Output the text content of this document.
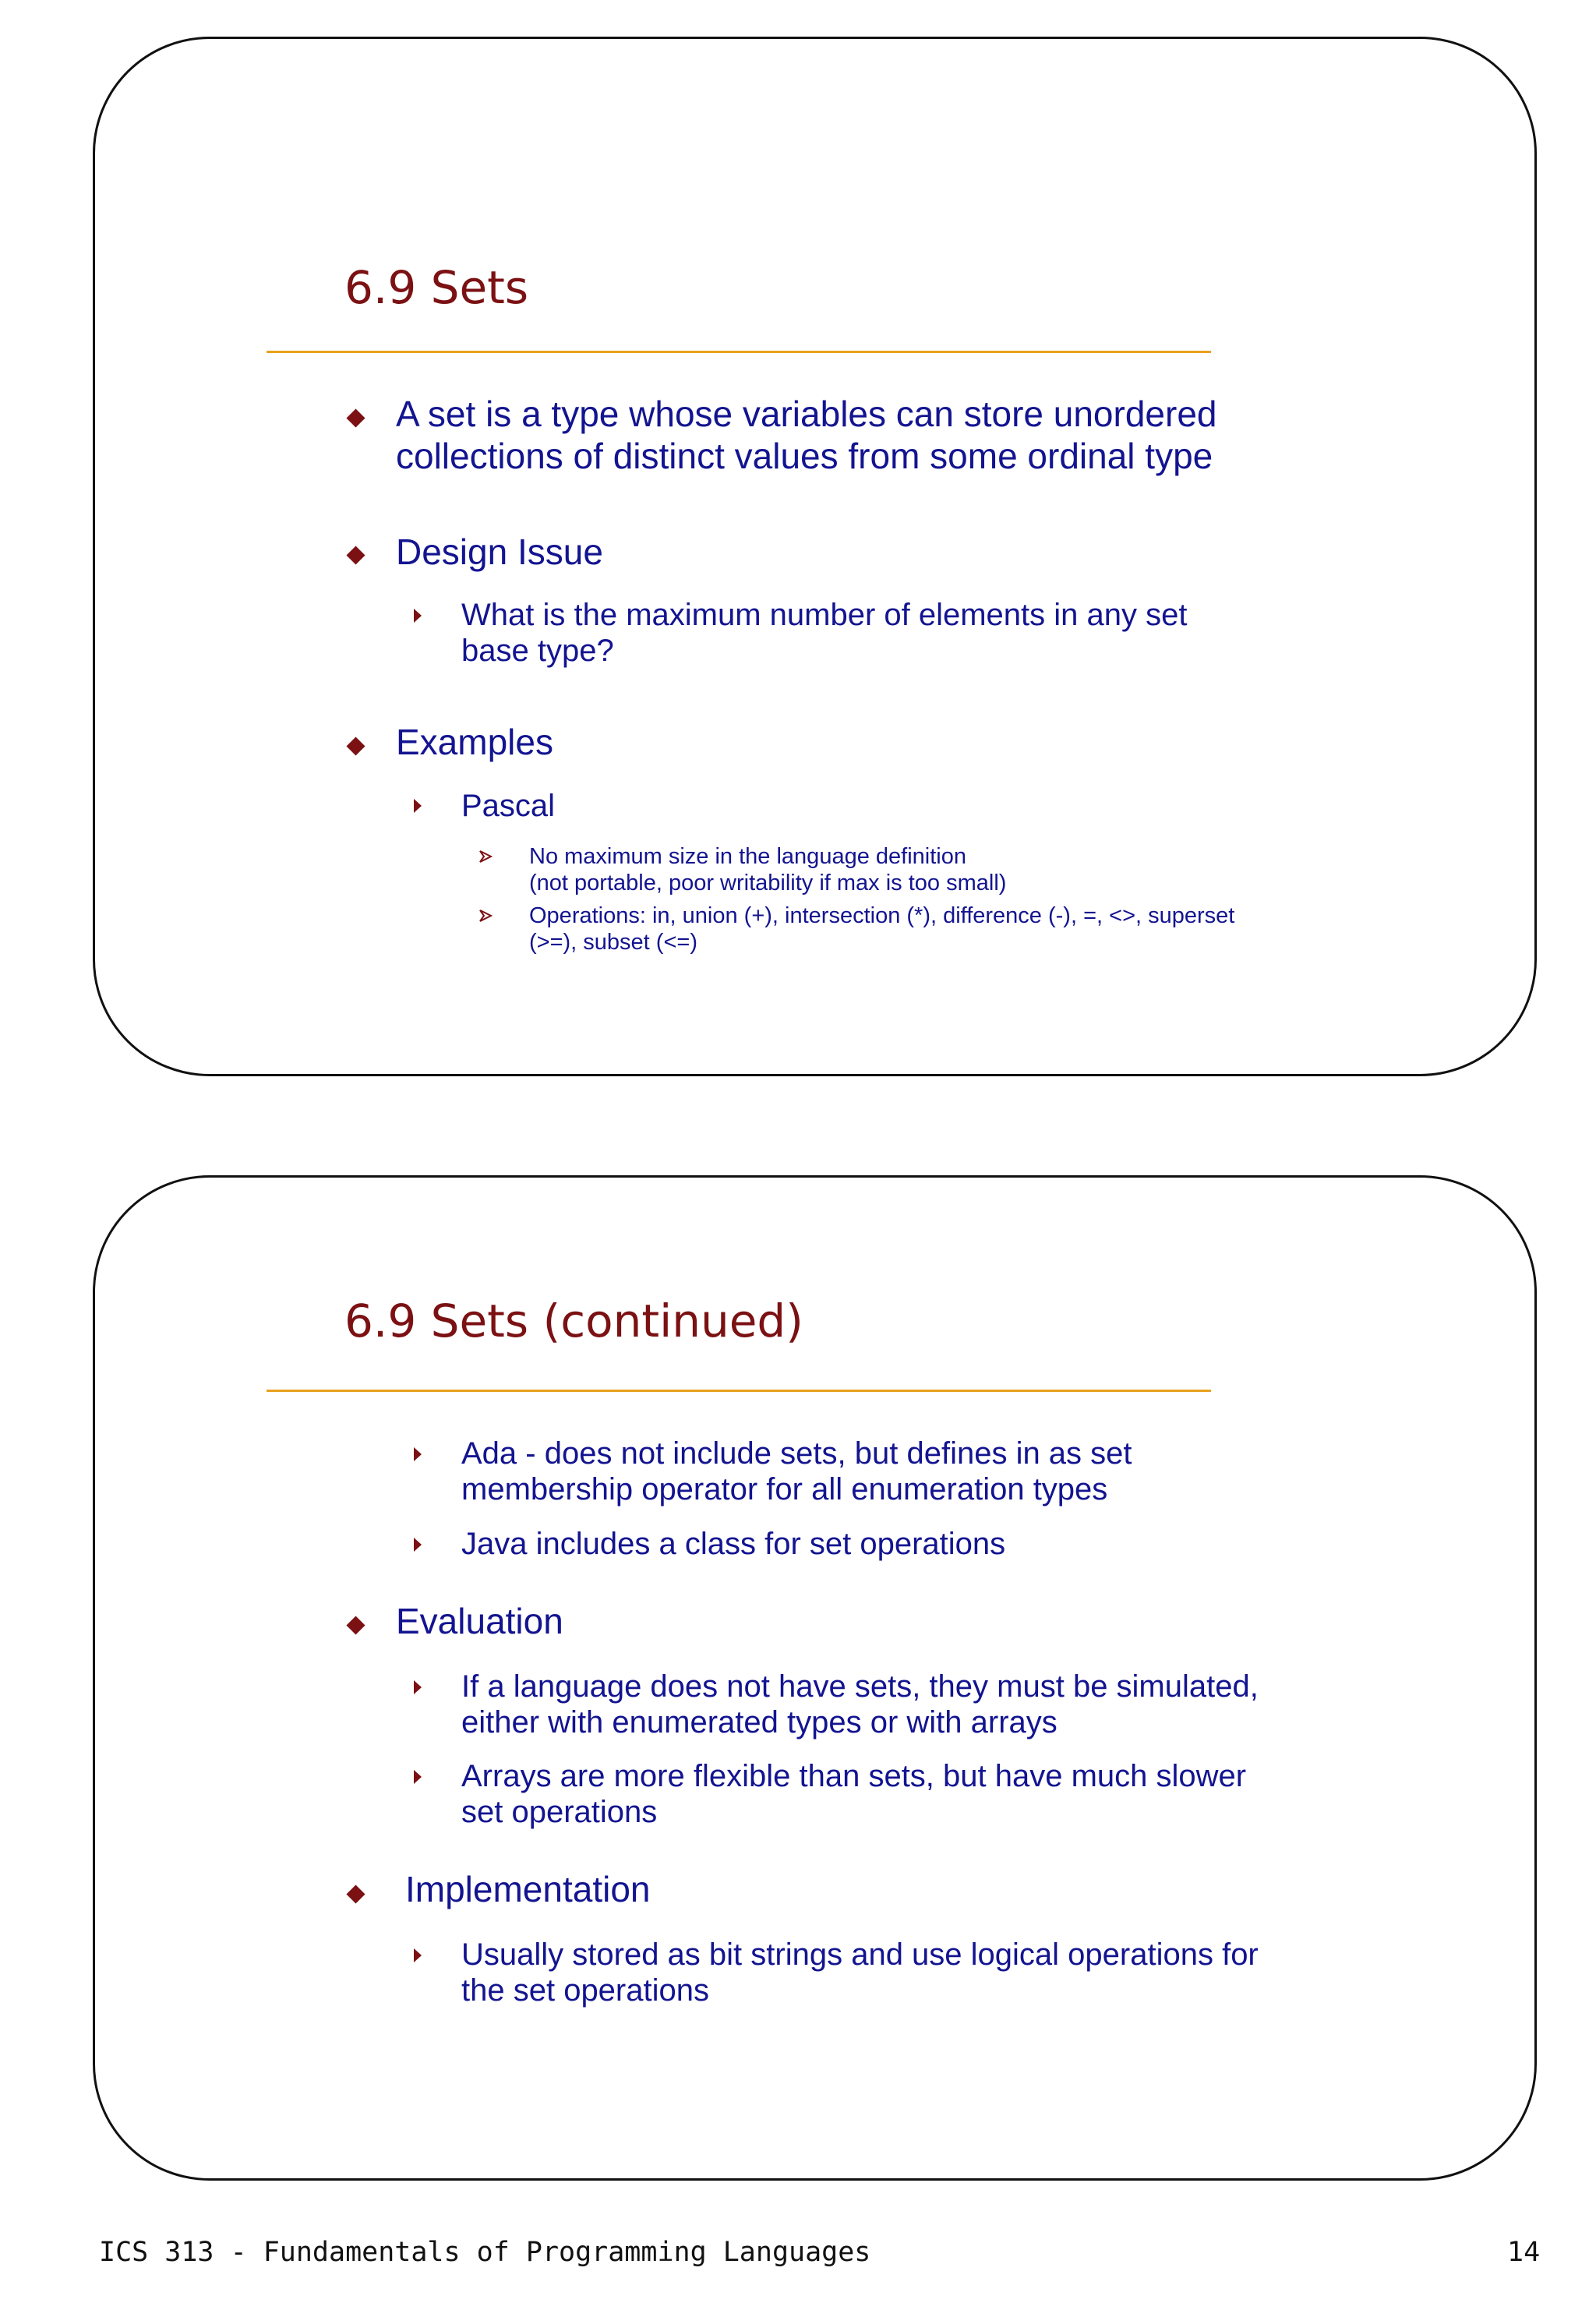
6.9 Sets
A set is a type whose variables can store unordered
collections of distinct values from some ordinal type
Design Issue
What is the maximum number of elements in any set
base type?
Examples
Pascal
No maximum size in the language definition
(not portable, poor writability if max is too small)
Operations: in, union (+), intersection (*), difference (-), =, <>, superset
(>=), subset (<=)
6.9 Sets (continued)
Ada - does not include sets, but defines in as set
membership operator for all enumeration types
Java includes a class for set operations
Evaluation
If a language does not have sets, they must be simulated,
either with enumerated types or with arrays
Arrays are more flexible than sets, but have much slower
set operations
Implementation
Usually stored as bit strings and use logical operations for
the set operations
ICS 313 - Fundamentals of Programming Languages	14
